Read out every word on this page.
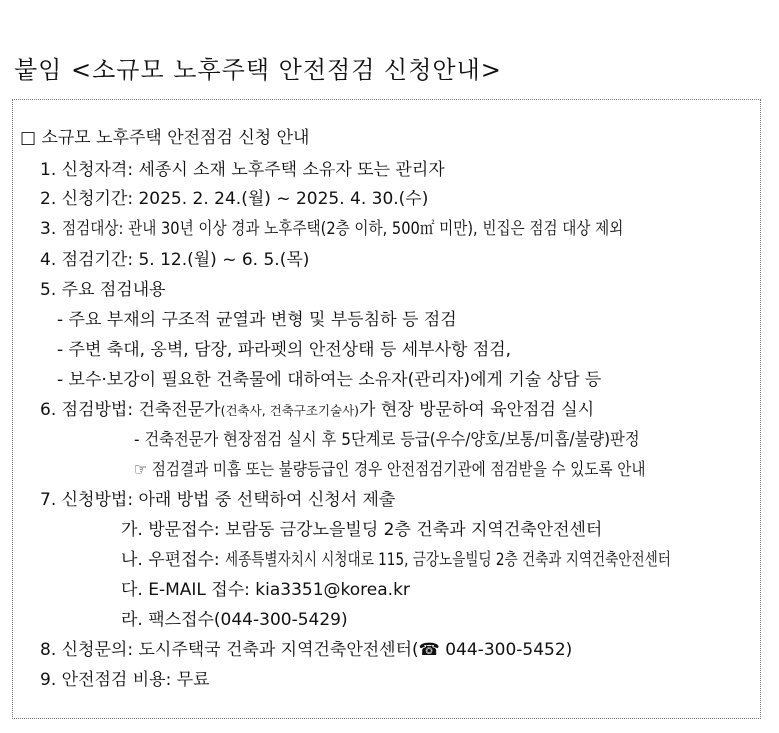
붙임 <소규모 노후주택 안전점검 신청안내>
□ 소규모 노후주택 안전점검 신청 안내
1. 신청자격: 세종시 소재 노후주택 소유자 또는 관리자
2. 신청기간: 2025. 2. 24.(월) ~ 2025. 4. 30.(수)
3. 점검대상: 관내 30년 이상 경과 노후주택(2층 이하, 500㎡ 미만), 빈집은 점검 대상 제외
4. 점검기간: 5. 12.(월) ~ 6. 5.(목)
5. 주요 점검내용
- 주요 부재의 구조적 균열과 변형 및 부등침하 등 점검
- 주변 축대, 옹벽, 담장, 파라펫의 안전상태 등 세부사항 점검,
- 보수·보강이 필요한 건축물에 대하여는 소유자(관리자)에게 기술 상담 등
6. 점검방법: 건축전문가(건축사, 건축구조기술사)가 현장 방문하여 육안점검 실시
- 건축전문가 현장점검 실시 후 5단계로 등급(우수/양호/보통/미흡/불량)판정
☞ 점검결과 미흡 또는 불량등급인 경우 안전점검기관에 점검받을 수 있도록 안내
7. 신청방법: 아래 방법 중 선택하여 신청서 제출
가. 방문접수: 보람동 금강노을빌딩 2층 건축과 지역건축안전센터
나. 우편접수: 세종특별자치시 시청대로 115, 금강노을빌딩 2층 건축과 지역건축안전센터
다. E-MAIL 접수: kia3351@korea.kr
라. 팩스접수(044-300-5429)
8. 신청문의: 도시주택국 건축과 지역건축안전센터(☎ 044-300-5452)
9. 안전점검 비용: 무료
